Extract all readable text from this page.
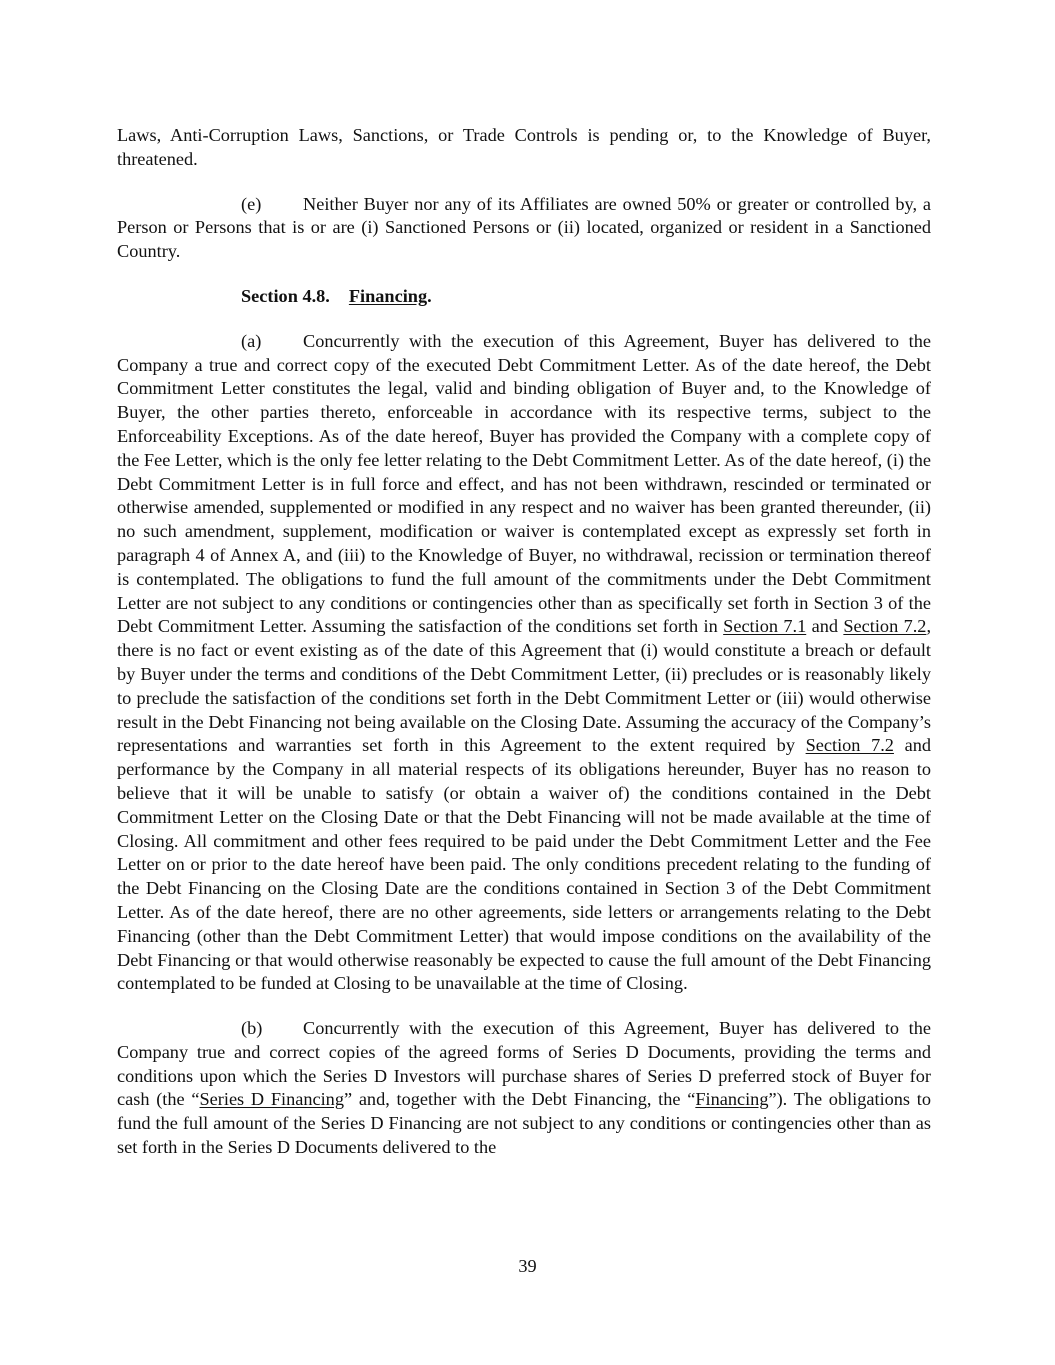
Laws, Anti-Corruption Laws, Sanctions, or Trade Controls is pending or, to the Knowledge of Buyer, threatened.

(e) Neither Buyer nor any of its Affiliates are owned 50% or greater or controlled by, a Person or Persons that is or are (i) Sanctioned Persons or (ii) located, organized or resident in a Sanctioned Country.

Section 4.8. Financing.

(a) Concurrently with the execution of this Agreement, Buyer has delivered to the Company a true and correct copy of the executed Debt Commitment Letter. As of the date hereof, the Debt Commitment Letter constitutes the legal, valid and binding obligation of Buyer and, to the Knowledge of Buyer, the other parties thereto, enforceable in accordance with its respective terms, subject to the Enforceability Exceptions. As of the date hereof, Buyer has provided the Company with a complete copy of the Fee Letter, which is the only fee letter relating to the Debt Commitment Letter. As of the date hereof, (i) the Debt Commitment Letter is in full force and effect, and has not been withdrawn, rescinded or terminated or otherwise amended, supplemented or modified in any respect and no waiver has been granted thereunder, (ii) no such amendment, supplement, modification or waiver is contemplated except as expressly set forth in paragraph 4 of Annex A, and (iii) to the Knowledge of Buyer, no withdrawal, recission or termination thereof is contemplated. The obligations to fund the full amount of the commitments under the Debt Commitment Letter are not subject to any conditions or contingencies other than as specifically set forth in Section 3 of the Debt Commitment Letter. Assuming the satisfaction of the conditions set forth in Section 7.1 and Section 7.2, there is no fact or event existing as of the date of this Agreement that (i) would constitute a breach or default by Buyer under the terms and conditions of the Debt Commitment Letter, (ii) precludes or is reasonably likely to preclude the satisfaction of the conditions set forth in the Debt Commitment Letter or (iii) would otherwise result in the Debt Financing not being available on the Closing Date. Assuming the accuracy of the Company’s representations and warranties set forth in this Agreement to the extent required by Section 7.2 and performance by the Company in all material respects of its obligations hereunder, Buyer has no reason to believe that it will be unable to satisfy (or obtain a waiver of) the conditions contained in the Debt Commitment Letter on the Closing Date or that the Debt Financing will not be made available at the time of Closing. All commitment and other fees required to be paid under the Debt Commitment Letter and the Fee Letter on or prior to the date hereof have been paid. The only conditions precedent relating to the funding of the Debt Financing on the Closing Date are the conditions contained in Section 3 of the Debt Commitment Letter. As of the date hereof, there are no other agreements, side letters or arrangements relating to the Debt Financing (other than the Debt Commitment Letter) that would impose conditions on the availability of the Debt Financing or that would otherwise reasonably be expected to cause the full amount of the Debt Financing contemplated to be funded at Closing to be unavailable at the time of Closing.

(b) Concurrently with the execution of this Agreement, Buyer has delivered to the Company true and correct copies of the agreed forms of Series D Documents, providing the terms and conditions upon which the Series D Investors will purchase shares of Series D preferred stock of Buyer for cash (the “Series D Financing” and, together with the Debt Financing, the “Financing”). The obligations to fund the full amount of the Series D Financing are not subject to any conditions or contingencies other than as set forth in the Series D Documents delivered to the

39
